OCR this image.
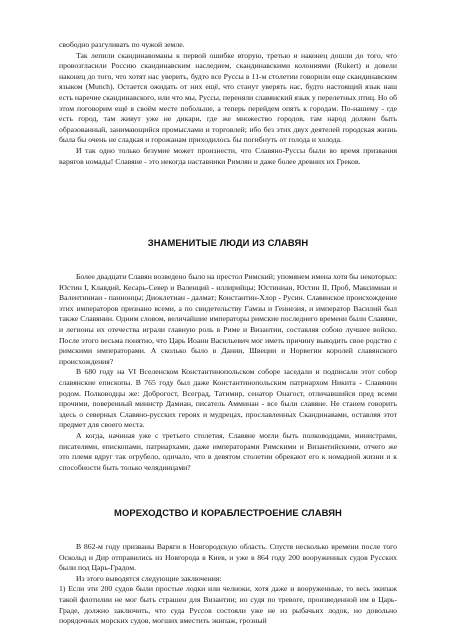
свободно разгуливать по чужой земле.

Так лепили скандинавоманы к первой ошибке вторую, третью и наконец дошли до того, что провозгласили Россию скандинавским наследием, скандинавскими колониями (Rukert) и довели наконец до того, что хотят нас уверить, будто все Руссы в 11-м столетии говорили еще скандинавским языком (Munch). Остается ожидать от них ещё, что станут уверять нас, будто настоящий язык наш есть наречие скандинавского, или что мы, Руссы, переняли славянский язык у перелетных птиц. Но об этом поговорим ещё в своём месте побольше, а теперь перейдем опять к городам. По-нашему - где есть город, там живут уже не дикари, где же множество городов, там народ должен быть образованный, занимающийся промыслами и торговлей; ибо без этих двух деятелей городская жизнь была бы очень не сладкая и горожанам приходилось бы погибнуть от голода и холода.

И так одно только безумие может произнести, что Славяно-Руссы были во время призвания варягов номады! Славяне - это некогда наставники Римлян и даже более древних их Греков.

ЗНАМЕНИТЫЕ ЛЮДИ ИЗ СЛАВЯН

Более двадцати Славян возведено было на престол Римский; упомянем имена хотя бы некоторых: Юстин I, Клавдий, Кесарь-Север и Валенций - иллирийцы; Юстиниан, Юстин II, Проб, Максимиан и Валентиниан - паннонцы; Диоклетиан - далмат; Константин-Хлор - Русин. Славянское происхождение этих императоров признано всеми, а по свидетельству Гамзы и Геннезия, и император Василий был также Славянин. Одним словом, величайшие императоры римские последнего времени были Славяне, и легионы их отечества играли главную роль в Риме и Византии, составляя собою лучшее войско. После этого весьма понятно, что Царь Иоанн Васильевич мог иметь причину выводить свое родство с римскими императорами. А сколько было в Дании, Швеции и Норвегии королей славянского происхождения?

В 680 году на VI Вселенском Константинопольском соборе заседали и подписали этот собор славянские епископы. В 765 году был даже Константинопольским патриархом Никита - Славянин родом. Полководцы же: Доброгост, Всеград, Татимир, сенатор Онагост, отличавшийся пред всеми прочими, поверенный министр Дамиан, писатель Амминан - все были славяне. Не станем говорить здесь о северных Славяно-русских героях и мудрецах, прославленных Скандинавами, оставляя этот предмет для своего места.

А когда, начиная уже с третьего столетия, Славяне могли быть полководцами, министрами, писателями, епископами, патриархами, даже императорами Римскими и Византийскими, отчего же это племя вдруг так огрубело, одичало, что в девятом столетии обрекают его к номадной жизни и к способности быть только челядинцами?

МОРЕХОДСТВО И КОРАБЛЕСТРОЕНИЕ СЛАВЯН

В 862-м году призваны Варяги в Новгородскую область. Спустя несколько времени после того Оскольд и Дир отправились из Новгорода в Киев, и уже в 864 году 200 вооруженных судов Русских были под Царь-Градом.

Из этого выводятся следующие заключения:

1) Если эти 200 судов были простые лодки или челноки, хотя даже и вооруженные, то весь экипаж такой флотилии не мог быть страшен для Византии; но судя по тревоге, произведенной им в Царь-Граде, должно заключить, что суда Руссов состояли уже не из рыбачьих лодок, но довольно порядочных морских судов, могших вместить экипаж, грозный
